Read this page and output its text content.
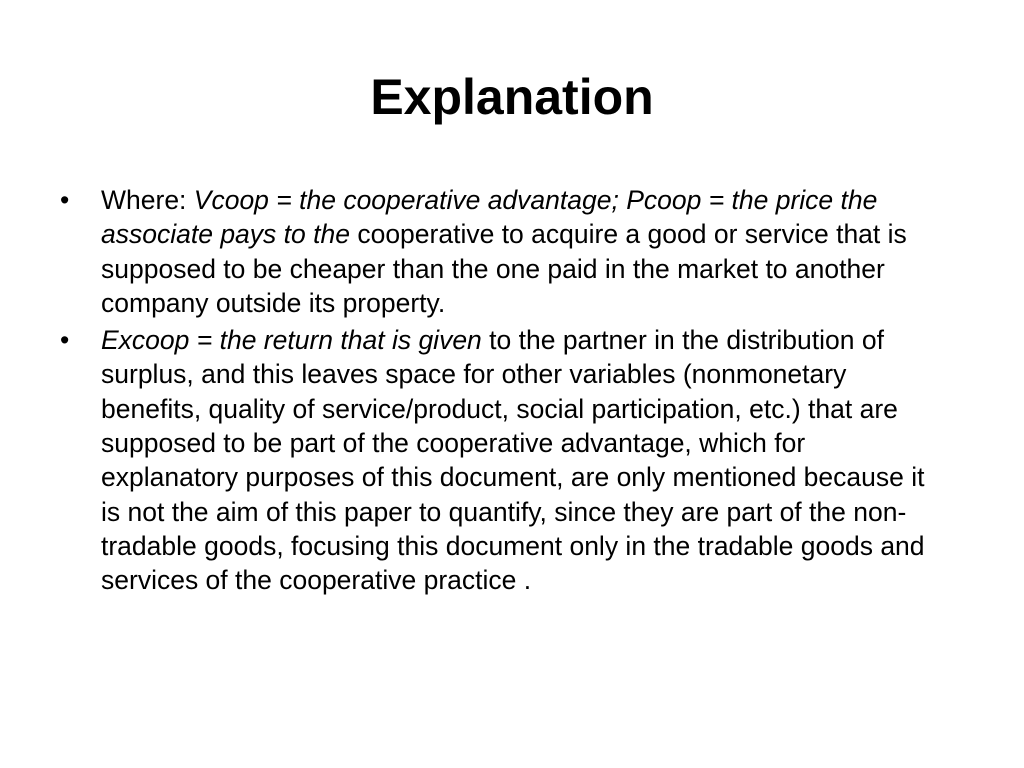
Explanation
• Where: Vcoop = the cooperative advantage; Pcoop = the price the associate pays to the cooperative to acquire a good or service that is supposed to be cheaper than the one paid in the market to another company outside its property.
• Excoop = the return that is given to the partner in the distribution of surplus, and this leaves space for other variables (nonmonetary benefits, quality of service/product, social participation, etc.) that are supposed to be part of the cooperative advantage, which for explanatory purposes of this document, are only mentioned because it is not the aim of this paper to quantify, since they are part of the non-tradable goods, focusing this document only in the tradable goods and services of the cooperative practice .
